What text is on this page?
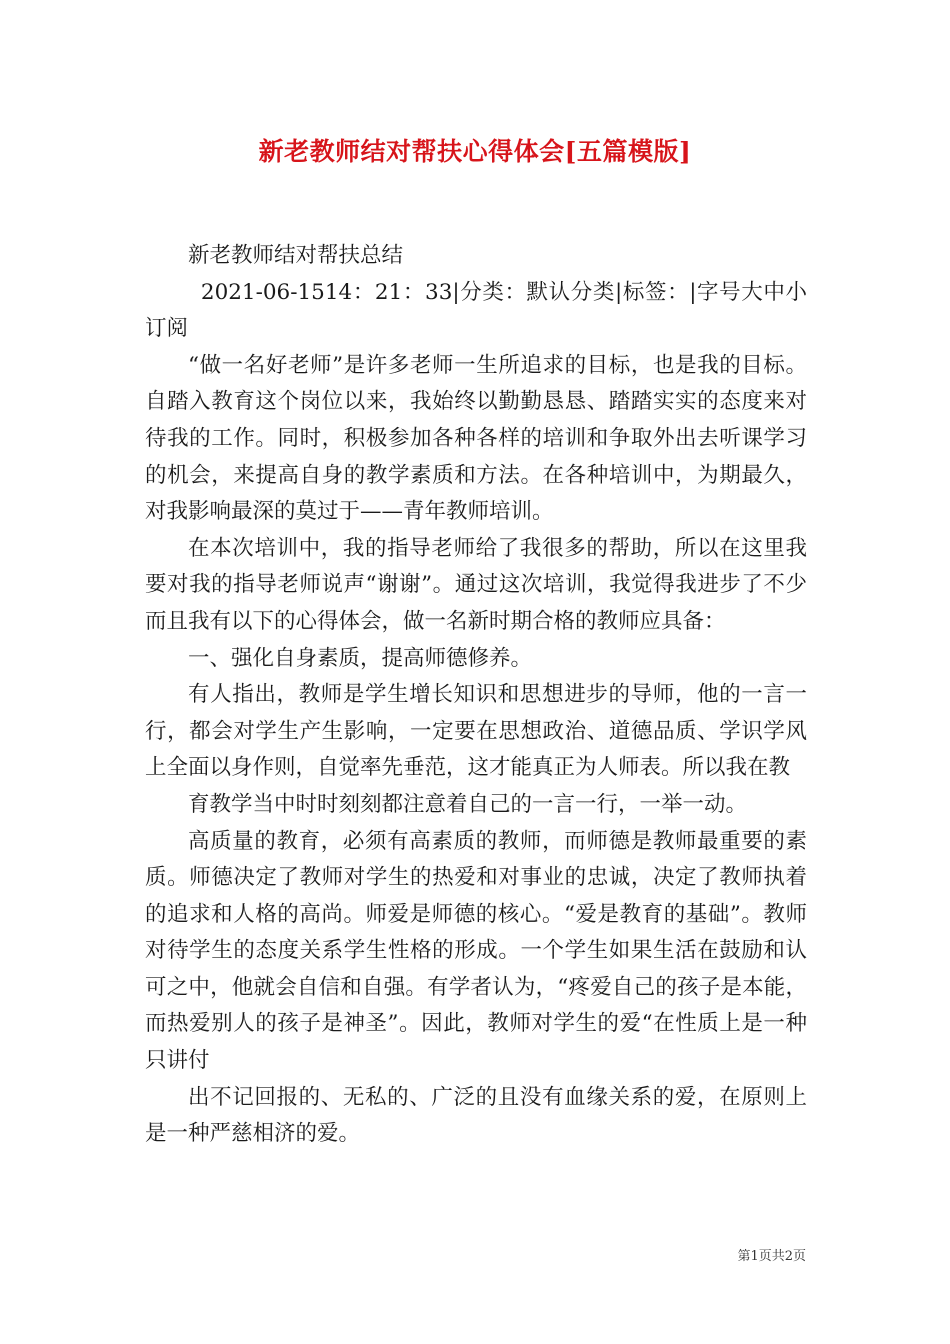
新老教师结对帮扶心得体会[五篇模版]

新老教师结对帮扶总结

2021-06-1514：21：33|分类：默认分类|标签：|字号大中小订阅

“做一名好老师”是许多老师一生所追求的目标，也是我的目标。自踏入教育这个岗位以来，我始终以勤勤恳恳、踏踏实实的态度来对待我的工作。同时，积极参加各种各样的培训和争取外出去听课学习的机会，来提高自身的教学素质和方法。在各种培训中，为期最久，对我影响最深的莫过于——青年教师培训。

在本次培训中，我的指导老师给了我很多的帮助，所以在这里我要对我的指导老师说声“谢谢”。通过这次培训，我觉得我进步了不少而且我有以下的心得体会，做一名新时期合格的教师应具备：

一、强化自身素质，提高师德修养。

有人指出，教师是学生增长知识和思想进步的导师，他的一言一行，都会对学生产生影响，一定要在思想政治、道德品质、学识学风上全面以身作则，自觉率先垂范，这才能真正为人师表。所以我在教

育教学当中时时刻刻都注意着自己的一言一行，一举一动。

高质量的教育，必须有高素质的教师，而师德是教师最重要的素质。师德决定了教师对学生的热爱和对事业的忠诚，决定了教师执着的追求和人格的高尚。师爱是师德的核心。“爱是教育的基础”。教师对待学生的态度关系学生性格的形成。一个学生如果生活在鼓励和认可之中，他就会自信和自强。有学者认为，“疼爱自己的孩子是本能，而热爱别人的孩子是神圣”。因此，教师对学生的爱“在性质上是一种只讲付

出不记回报的、无私的、广泛的且没有血缘关系的爱，在原则上是一种严慈相济的爱。

第1页共2页
